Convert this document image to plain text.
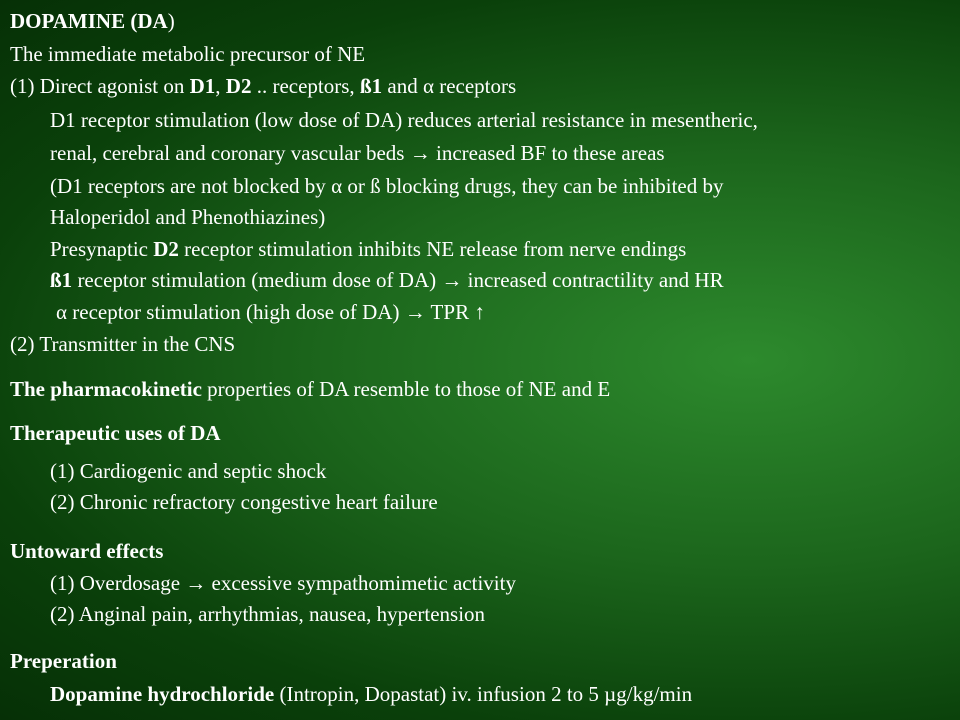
DOPAMINE (DA)
The immediate metabolic precursor of NE
(1) Direct agonist on D1, D2 .. receptors, ß1 and α receptors
D1 receptor stimulation (low dose of DA) reduces arterial resistance in mesentheric,
renal, cerebral and coronary vascular beds → increased BF to these areas
(D1 receptors are not blocked by α or ß blocking drugs, they can be inhibited by
Haloperidol and Phenothiazines)
Presynaptic D2 receptor stimulation inhibits NE release from nerve endings
ß1 receptor stimulation (medium dose of DA) → increased contractility and HR
α receptor stimulation (high dose of DA) → TPR ↑
(2) Transmitter in the CNS
The pharmacokinetic properties of DA resemble to those of NE and E
Therapeutic uses of DA
(1) Cardiogenic and septic shock
(2) Chronic refractory congestive heart failure
Untoward effects
(1) Overdosage → excessive sympathomimetic activity
(2) Anginal pain, arrhythmias, nausea, hypertension
Preperation
Dopamine hydrochloride (Intropin, Dopastat) iv. infusion 2 to 5 µg/kg/min
